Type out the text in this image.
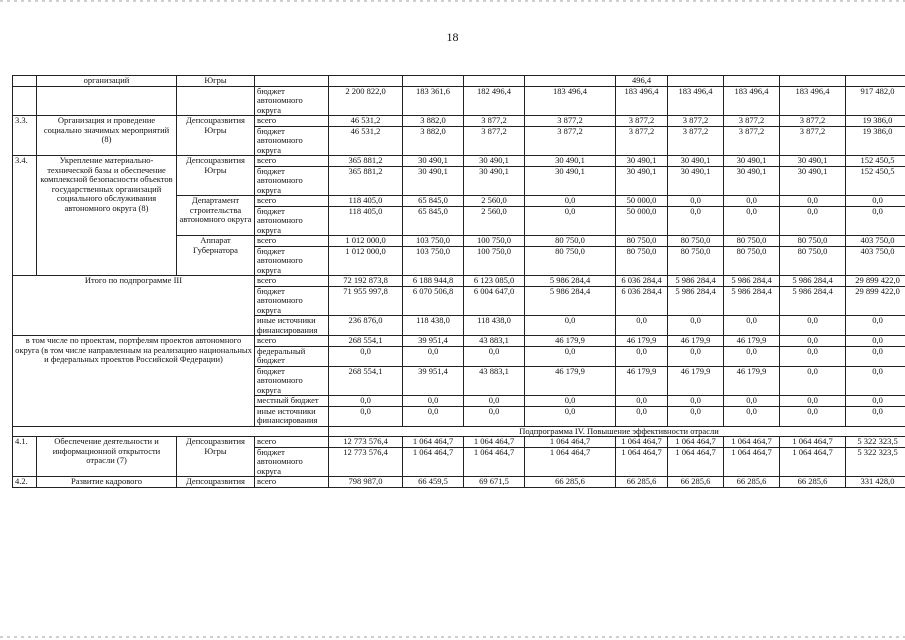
18
	организаций	Югры						496,4				
			бюджет автономного округа	2 200 822,0	183 361,6	182 496,4	183 496,4	183 496,4	183 496,4	183 496,4	183 496,4	917 482,0
3.3.	Организация и проведение социально значимых мероприятий (8)	Депсоцразвития Югры	всего	46 531,2	3 882,0	3 877,2	3 877,2	3 877,2	3 877,2	3 877,2	3 877,2	19 386,0
			бюджет автономного округа	46 531,2	3 882,0	3 877,2	3 877,2	3 877,2	3 877,2	3 877,2	3 877,2	19 386,0
3.4.	Укрепление материально-технической базы и обеспечение комплексной безопасности объектов государственных организаций социального обслуживания автономного округа (8)	Депсоцразвития Югры	всего	365 881,2	30 490,1	30 490,1	30 490,1	30 490,1	30 490,1	30 490,1	30 490,1	152 450,5
			бюджет автономного округа	365 881,2	30 490,1	30 490,1	30 490,1	30 490,1	30 490,1	30 490,1	30 490,1	152 450,5
		Департамент строительства автономного округа	всего	118 405,0	65 845,0	2 560,0	0,0	50 000,0	0,0	0,0	0,0	0,0
			бюджет автономного округа	118 405,0	65 845,0	2 560,0	0,0	50 000,0	0,0	0,0	0,0	0,0
		Аппарат Губернатора	всего	1 012 000,0	103 750,0	100 750,0	80 750,0	80 750,0	80 750,0	80 750,0	80 750,0	403 750,0
			бюджет автономного округа	1 012 000,0	103 750,0	100 750,0	80 750,0	80 750,0	80 750,0	80 750,0	80 750,0	403 750,0
Итого по подпрограмме III			всего	72 192 873,8	6 188 944,8	6 123 085,0	5 986 284,4	6 036 284,4	5 986 284,4	5 986 284,4	5 986 284,4	29 899 422,0
			бюджет автономного округа	71 955 997,8	6 070 506,8	6 004 647,0	5 986 284,4	6 036 284,4	5 986 284,4	5 986 284,4	5 986 284,4	29 899 422,0
			иные источники финансирования	236 876,0	118 438,0	118 438,0	0,0	0,0	0,0	0,0	0,0	0,0
в том числе по проектам, портфелям проектов автономного округа (в том числе направленным на реализацию национальных и федеральных проектов Российской Федерации)			всего	268 554,1	39 951,4	43 883,1	46 179,9	46 179,9	46 179,9	46 179,9	0,0	0,0
			федеральный бюджет	0,0	0,0	0,0	0,0	0,0	0,0	0,0	0,0	0,0
			бюджет автономного округа	268 554,1	39 951,4	43 883,1	46 179,9	46 179,9	46 179,9	46 179,9	0,0	0,0
			местный бюджет	0,0	0,0	0,0	0,0	0,0	0,0	0,0	0,0	0,0
			иные источники финансирования	0,0	0,0	0,0	0,0	0,0	0,0	0,0	0,0	0,0
				Подпрограмма IV. Повышение эффективности отрасли								
4.1.	Обеспечение деятельности и информационной открытости отрасли (7)	Депсоцразвития Югры	всего	12 773 576,4	1 064 464,7	1 064 464,7	1 064 464,7	1 064 464,7	1 064 464,7	1 064 464,7	1 064 464,7	5 322 323,5
			бюджет автономного округа	12 773 576,4	1 064 464,7	1 064 464,7	1 064 464,7	1 064 464,7	1 064 464,7	1 064 464,7	1 064 464,7	5 322 323,5
4.2.	Развитие кадрового	Депсоцразвития	всего	798 987,0	66 459,5	69 671,5	66 285,6	66 285,6	66 285,6	66 285,6	66 285,6	331 428,0
